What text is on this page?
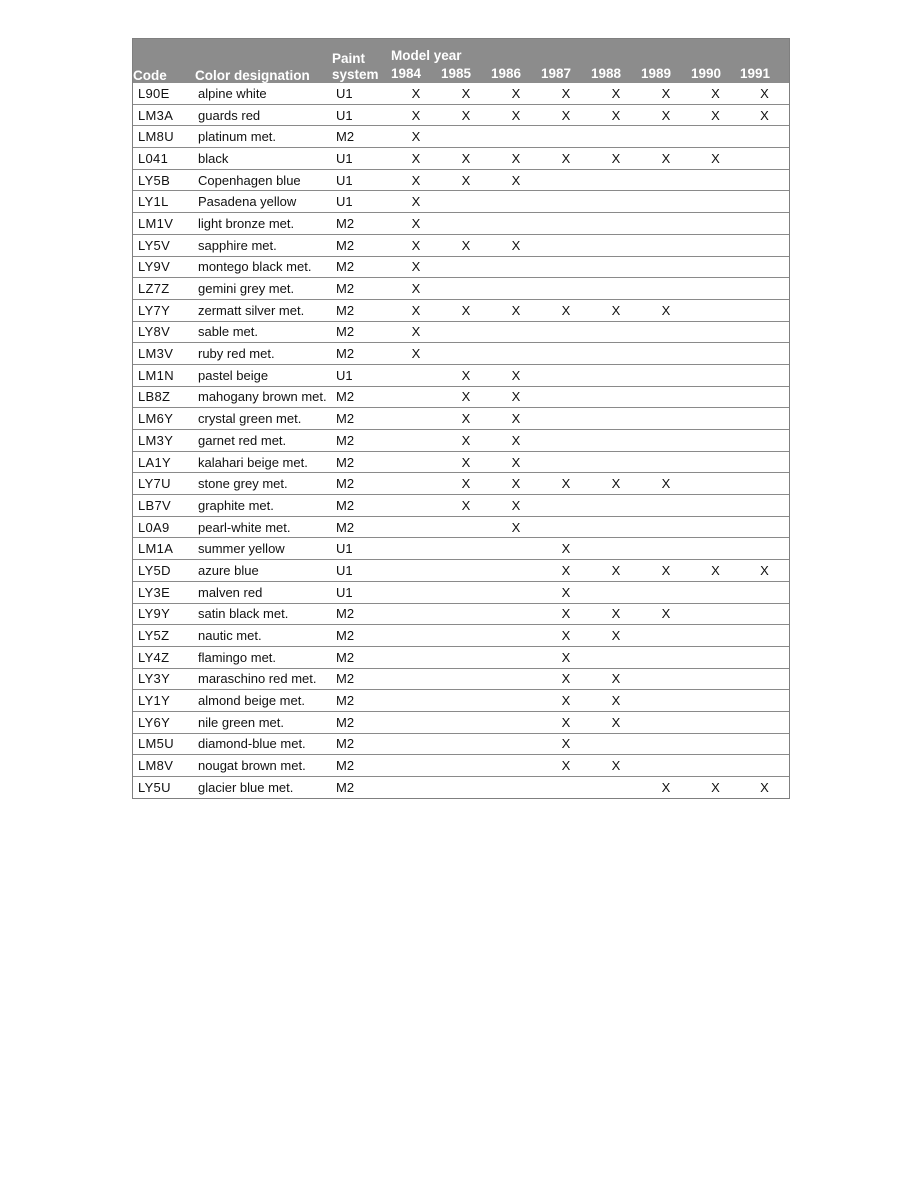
Code	Color designation	Paint
system	Model year							
			1984	1985	1986	1987	1988	1989	1990	1991
L90E	alpine white	U1	X	X	X	X	X	X	X	X
LM3A	guards red	U1	X	X	X	X	X	X	X	X
LM8U	platinum met.	M2	X							
L041	black	U1	X	X	X	X	X	X	X	
LY5B	Copenhagen blue	U1	X	X	X					
LY1L	Pasadena yellow	U1	X							
LM1V	light bronze met.	M2	X							
LY5V	sapphire met.	M2	X	X	X					
LY9V	montego black met.	M2	X							
LZ7Z	gemini grey met.	M2	X							
LY7Y	zermatt silver met.	M2	X	X	X	X	X	X		
LY8V	sable met.	M2	X							
LM3V	ruby red met.	M2	X							
LM1N	pastel beige	U1		X	X					
LB8Z	mahogany brown met.	M2		X	X					
LM6Y	crystal green met.	M2		X	X					
LM3Y	garnet red met.	M2		X	X					
LA1Y	kalahari beige met.	M2		X	X					
LY7U	stone grey met.	M2		X	X	X	X	X		
LB7V	graphite met.	M2		X	X					
L0A9	pearl-white met.	M2			X					
LM1A	summer yellow	U1				X				
LY5D	azure blue	U1				X	X	X	X	X
LY3E	malven red	U1				X				
LY9Y	satin black met.	M2				X	X	X		
LY5Z	nautic met.	M2				X	X			
LY4Z	flamingo met.	M2				X				
LY3Y	maraschino red met.	M2				X	X			
LY1Y	almond beige met.	M2				X	X			
LY6Y	nile green met.	M2				X	X			
LM5U	diamond-blue met.	M2				X				
LM8V	nougat brown met.	M2				X	X			
LY5U	glacier blue met.	M2						X	X	X
